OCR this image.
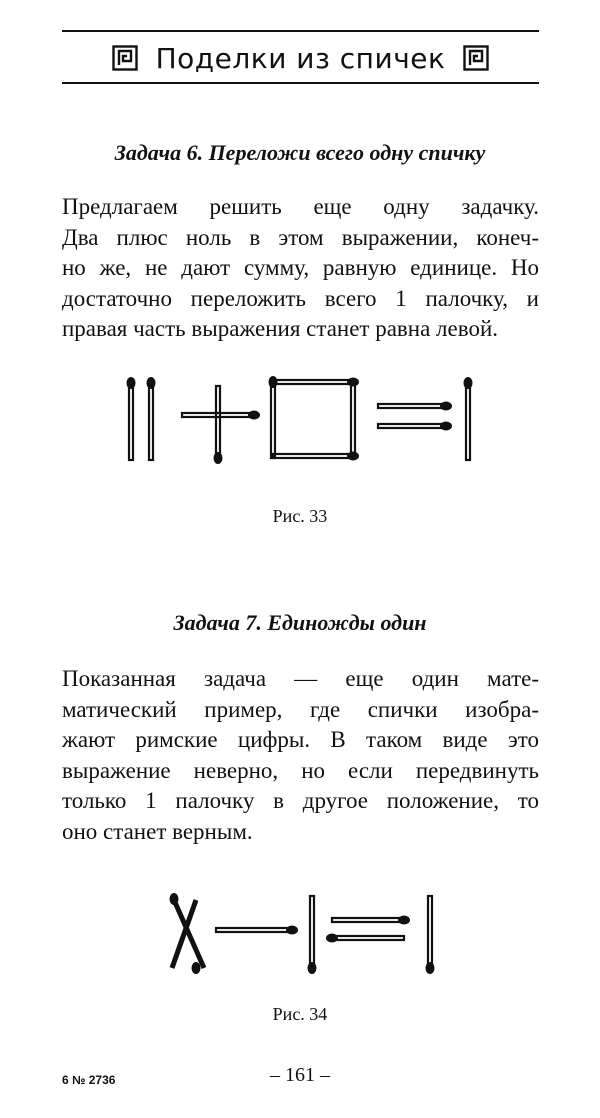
Поделки из спичек
Задача 6. Переложи всего одну спичку
Предлагаем решить еще одну задачку.
Два плюс ноль в этом выражении, конеч-
но же, не дают сумму, равную единице. Но
достаточно переложить всего 1 палочку, и
правая часть выражения станет равна левой.
Рис. 33
Задача 7. Единожды один
Показанная задача — еще один мате-
матический пример, где спички изобра-
жают римские цифры. В таком виде это
выражение неверно, но если передвинуть
только 1 палочку в другое положение, то
оно станет верным.
Рис. 34
– 161 –
6 № 2736
